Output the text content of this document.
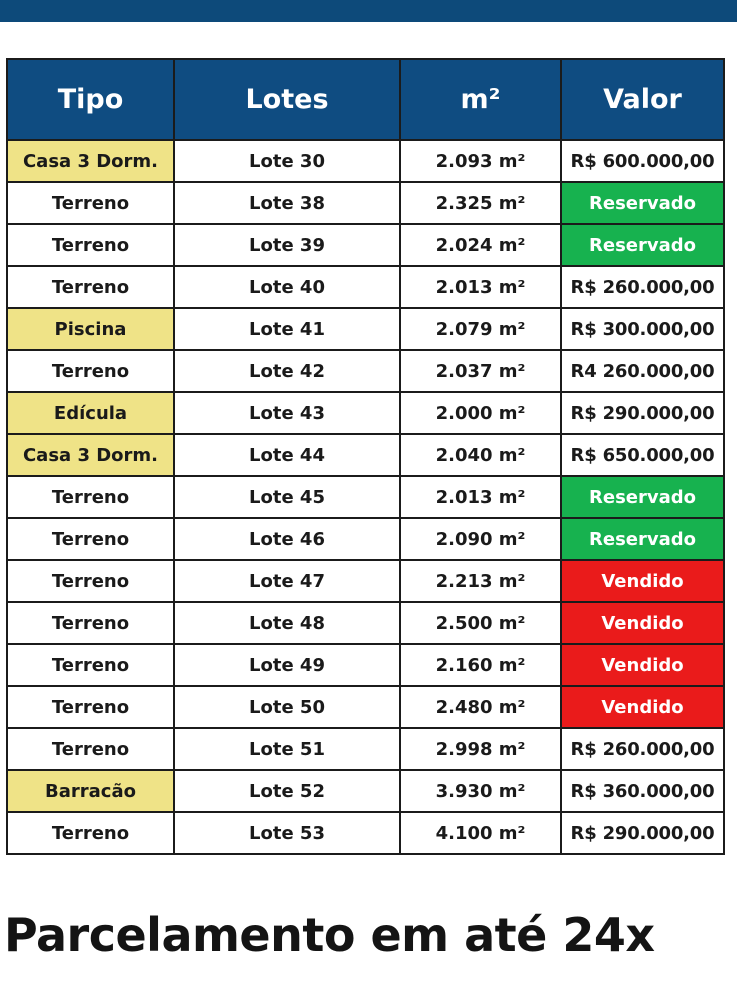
Tipo	Lotes	m²	Valor
Casa 3 Dorm.	Lote 30	2.093 m²	R$ 600.000,00
Terreno	Lote 38	2.325 m²	Reservado
Terreno	Lote 39	2.024 m²	Reservado
Terreno	Lote 40	2.013 m²	R$ 260.000,00
Piscina	Lote 41	2.079 m²	R$ 300.000,00
Terreno	Lote 42	2.037 m²	R4 260.000,00
Edícula	Lote 43	2.000 m²	R$ 290.000,00
Casa 3 Dorm.	Lote 44	2.040 m²	R$ 650.000,00
Terreno	Lote 45	2.013 m²	Reservado
Terreno	Lote 46	2.090 m²	Reservado
Terreno	Lote 47	2.213 m²	Vendido
Terreno	Lote 48	2.500 m²	Vendido
Terreno	Lote 49	2.160 m²	Vendido
Terreno	Lote 50	2.480 m²	Vendido
Terreno	Lote 51	2.998 m²	R$ 260.000,00
Barracão	Lote 52	3.930 m²	R$ 360.000,00
Terreno	Lote 53	4.100 m²	R$ 290.000,00
Parcelamento em até 24x
